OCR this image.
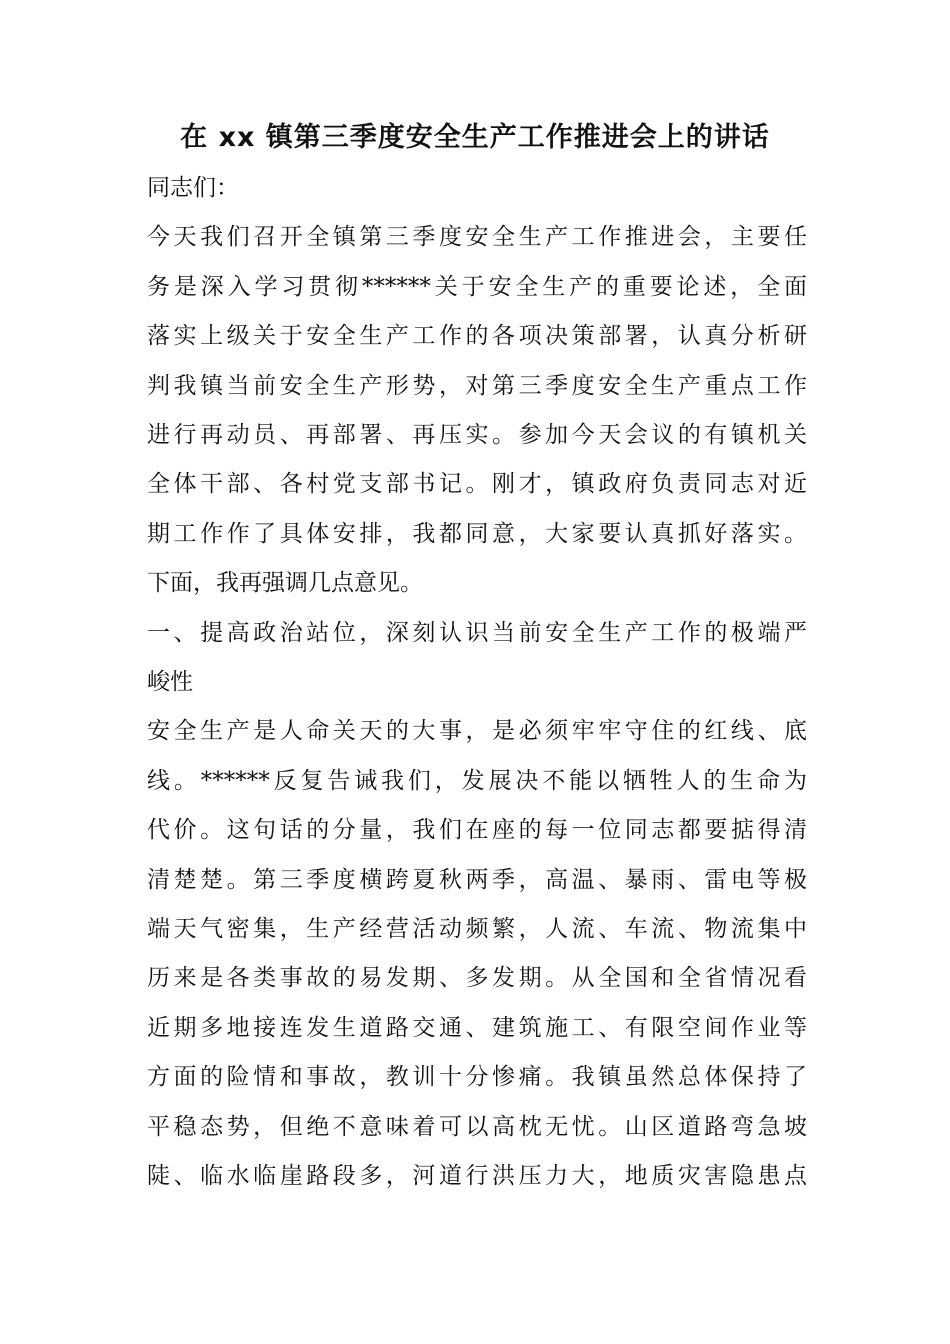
在 xx 镇第三季度安全生产工作推进会上的讲话
同志们：
今天我们召开全镇第三季度安全生产工作推进会，主要任
务是深入学习贯彻******关于安全生产的重要论述，全面
落实上级关于安全生产工作的各项决策部署，认真分析研
判我镇当前安全生产形势，对第三季度安全生产重点工作
进行再动员、再部署、再压实。参加今天会议的有镇机关
全体干部、各村党支部书记。刚才，镇政府负责同志对近
期工作作了具体安排，我都同意，大家要认真抓好落实。
下面，我再强调几点意见。
一、提高政治站位，深刻认识当前安全生产工作的极端严
峻性
安全生产是人命关天的大事，是必须牢牢守住的红线、底
线。******反复告诫我们，发展决不能以牺牲人的生命为
代价。这句话的分量，我们在座的每一位同志都要掂得清
清楚楚。第三季度横跨夏秋两季，高温、暴雨、雷电等极
端天气密集，生产经营活动频繁，人流、车流、物流集中
历来是各类事故的易发期、多发期。从全国和全省情况看
近期多地接连发生道路交通、建筑施工、有限空间作业等
方面的险情和事故，教训十分惨痛。我镇虽然总体保持了
平稳态势，但绝不意味着可以高枕无忧。山区道路弯急坡
陡、临水临崖路段多，河道行洪压力大，地质灾害隐患点
